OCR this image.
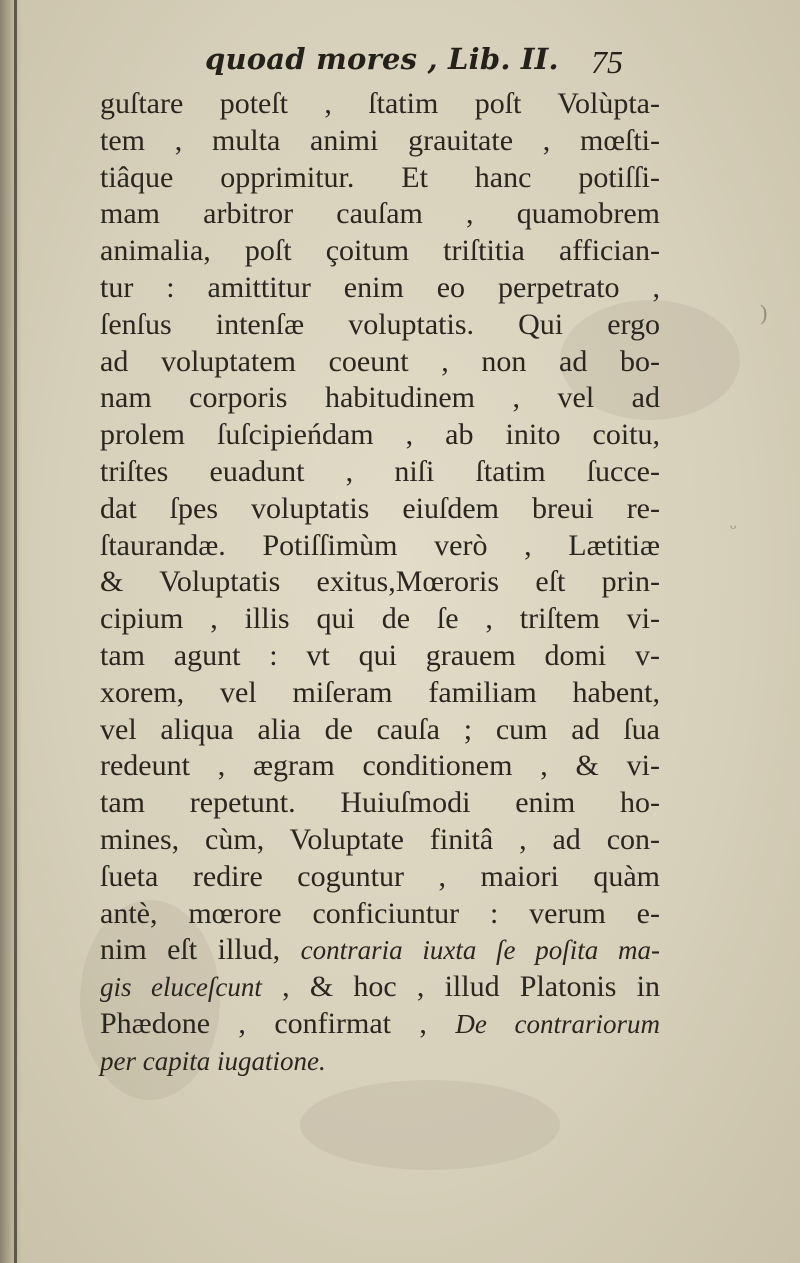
)
ᵕ
quoad mores , Lib. II. 75
guſtare poteſt , ſtatim poſt Volùpta-
tem , multa animi grauitate , mœſti-
tiâque opprimitur. Et hanc potiſſi-
mam arbitror cauſam , quamobrem
animalia, poſt çoitum triſtitia affician-
tur : amittitur enim eo perpetrato ,
ſenſus intenſæ voluptatis. Qui ergo
ad voluptatem coeunt , non ad bo-
nam corporis habitudinem , vel ad
prolem ſuſcipieńdam , ab inito coitu,
triſtes euadunt , niſi ſtatim ſucce-
dat ſpes voluptatis eiuſdem breui re-
ſtaurandæ. Potiſſimùm verò , Lætitiæ
& Voluptatis exitus,Mœroris eſt prin-
cipium , illis qui de ſe , triſtem vi-
tam agunt : vt qui grauem domi v-
xorem, vel miſeram familiam habent,
vel aliqua alia de cauſa ; cum ad ſua
redeunt , ægram conditionem , & vi-
tam repetunt. Huiuſmodi enim ho-
mines, cùm, Voluptate finitâ , ad con-
ſueta redire coguntur , maiori quàm
antè, mœrore conficiuntur : verum e-
nim eſt illud, contraria iuxta ſe poſita ma-
gis eluceſcunt , & hoc , illud Platonis in
Phædone , confirmat , De contrariorum
per capita iugatione.
